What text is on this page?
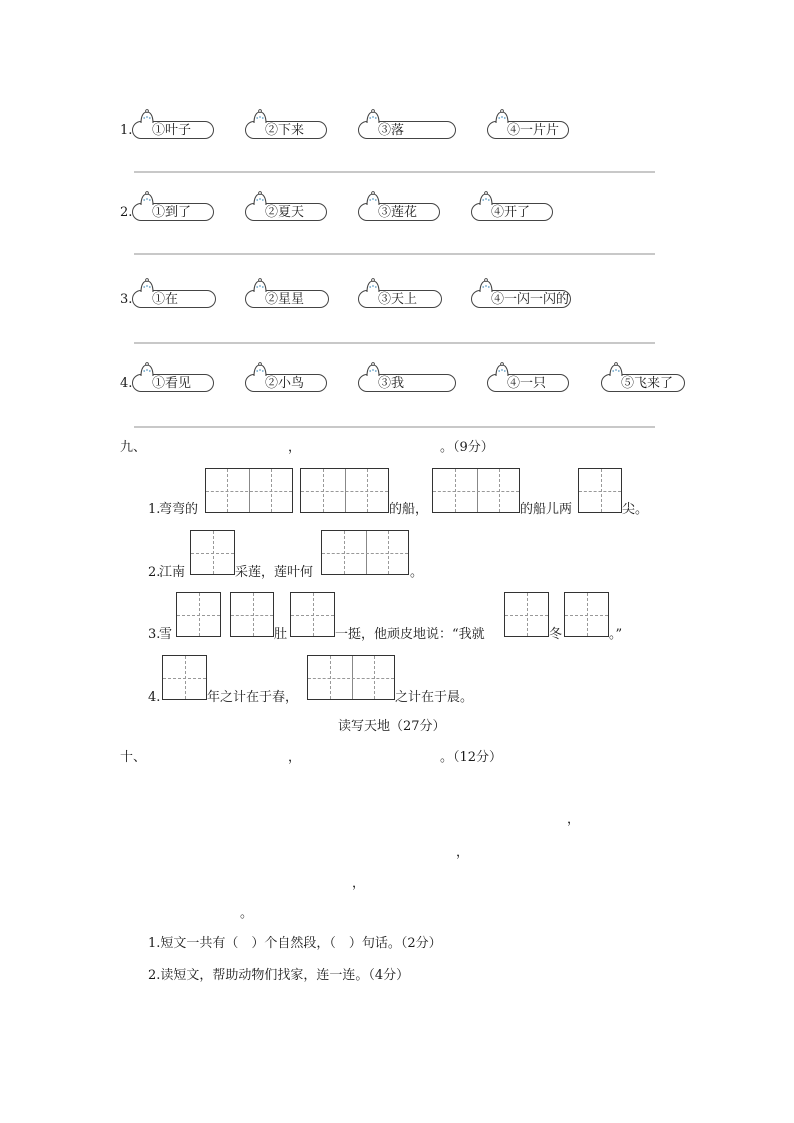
1. ①叶子	②下来	③落	④一片片
2. ①到了	②夏天	③莲花	④开了
3. ①在	②星星	③天上	④一闪一闪的
4. ①看见	②小鸟	③我	④一只	⑤飞来了
九、	，	。（9分）
1.
弯弯的	的船，	的船儿两	尖。
2.
江南	采莲，莲叶何	。
3.
雪	肚	一挺，他顽皮地说：“我就	冬	。”
4.	年之计在于春，	之计在于晨。
读写天地（27分）
十、	，	。（12分）
，
，
，
。
1.短文一共有（　）个自然段，（　）句话。（2分）
2.读短文，帮助动物们找家，连一连。（4分）
